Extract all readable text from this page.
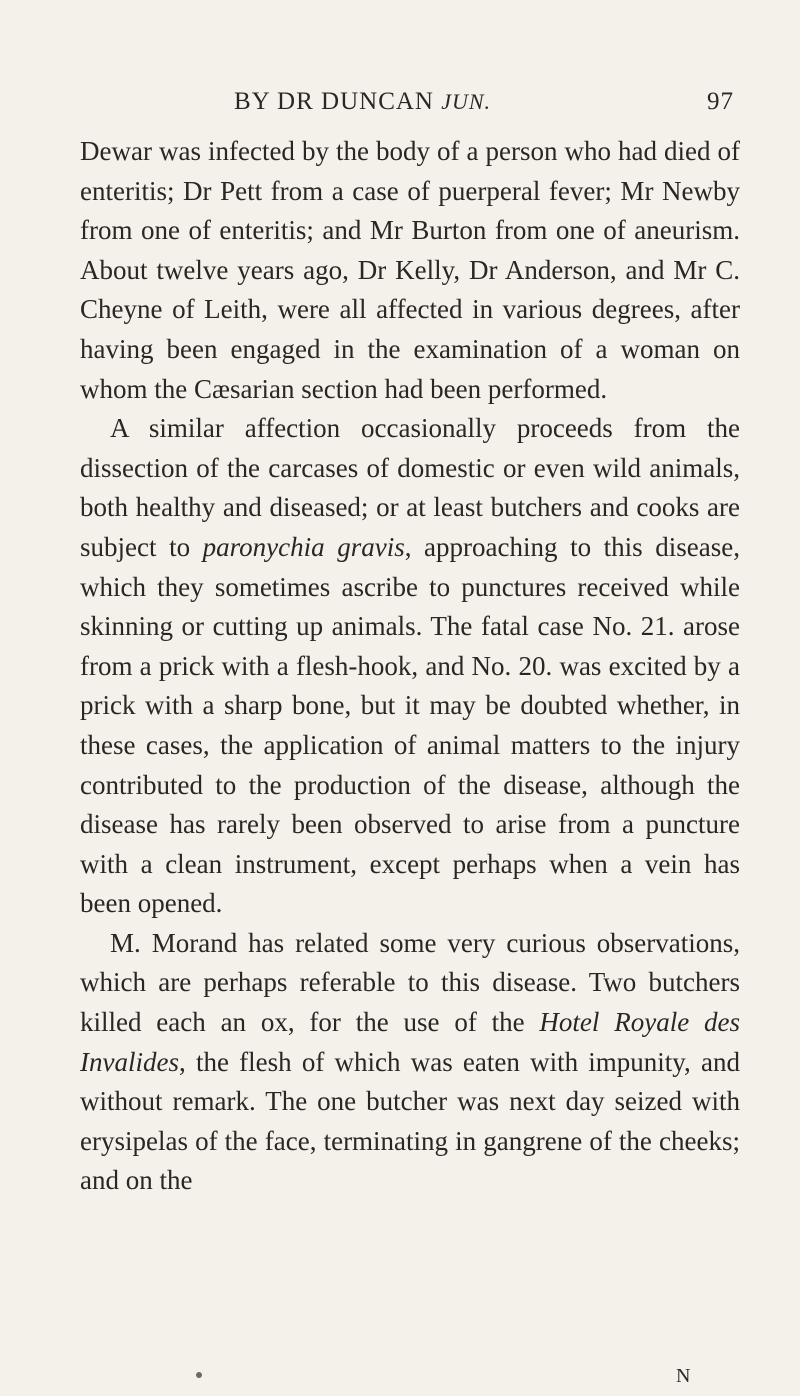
BY DR DUNCAN JUN.	97

Dewar was infected by the body of a person who had died of enteritis; Dr Pett from a case of puerperal fever; Mr Newby from one of enteritis; and Mr Burton from one of aneurism. About twelve years ago, Dr Kelly, Dr Anderson, and Mr C. Cheyne of Leith, were all affected in various degrees, after having been engaged in the examination of a woman on whom the Cæsarian section had been performed.

A similar affection occasionally proceeds from the dissection of the carcases of domestic or even wild animals, both healthy and diseased; or at least butchers and cooks are subject to paronychia gravis, approaching to this disease, which they sometimes ascribe to punctures received while skinning or cutting up animals. The fatal case No. 21. arose from a prick with a flesh-hook, and No. 20. was excited by a prick with a sharp bone, but it may be doubted whether, in these cases, the application of animal matters to the injury contributed to the production of the disease, although the disease has rarely been observed to arise from a puncture with a clean instrument, except perhaps when a vein has been opened.

M. Morand has related some very curious observations, which are perhaps referable to this disease. Two butchers killed each an ox, for the use of the Hotel Royale des Invalides, the flesh of which was eaten with impunity, and without remark. The one butcher was next day seized with erysipelas of the face, terminating in gangrene of the cheeks; and on the

N
